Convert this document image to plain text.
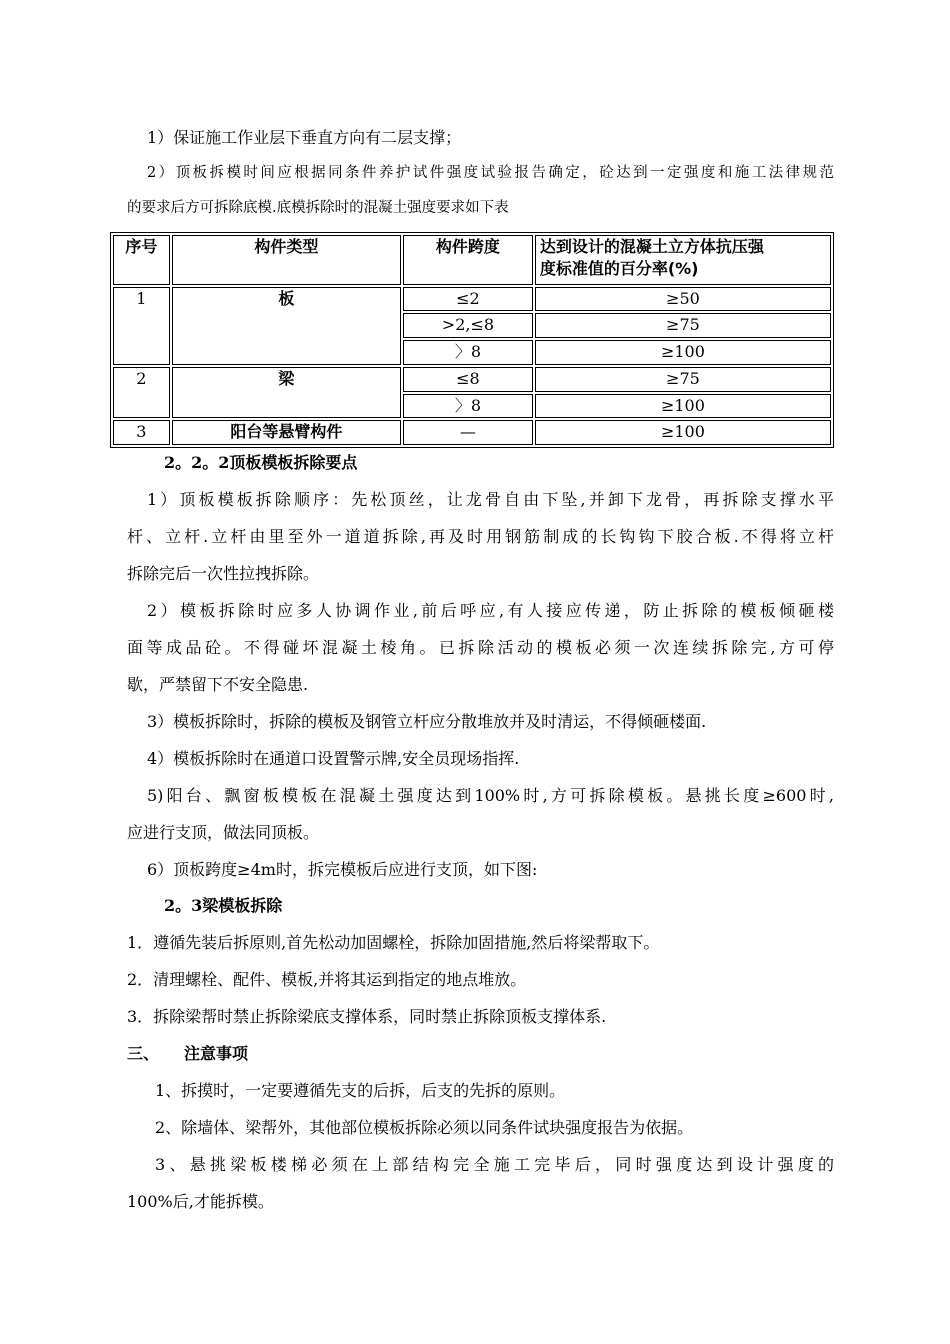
1）保证施工作业层下垂直方向有二层支撑；
2）顶板拆模时间应根据同条件养护试件强度试验报告确定，砼达到一定强度和施工法律规范
的要求后方可拆除底模.底模拆除时的混凝土强度要求如下表
序号	构件类型	构件跨度	达到设计的混凝土立方体抗压强
度标准值的百分率(%)

1	板	≤2	≥50
		>2,≤8	≥75
		〉8	≥100
2	梁	≤8	≥75
		〉8	≥100
3	阳台等悬臂构件	—	≥100
2。2。2顶板模板拆除要点
1）顶板模板拆除顺序：先松顶丝，让龙骨自由下坠,并卸下龙骨，再拆除支撑水平
杆、立杆.立杆由里至外一道道拆除,再及时用钢筋制成的长钩钩下胶合板.不得将立杆
拆除完后一次性拉拽拆除。
2）模板拆除时应多人协调作业,前后呼应,有人接应传递，防止拆除的模板倾砸楼
面等成品砼。不得碰坏混凝土棱角。已拆除活动的模板必须一次连续拆除完,方可停
歇，严禁留下不安全隐患.
3）模板拆除时，拆除的模板及钢管立杆应分散堆放并及时清运，不得倾砸楼面.
4）模板拆除时在通道口设置警示牌,安全员现场指挥.
5)阳台、飘窗板模板在混凝土强度达到100%时,方可拆除模板。悬挑长度≥600时,
应进行支顶，做法同顶板。
6）顶板跨度≥4m时，拆完模板后应进行支顶，如下图:
2。3梁模板拆除
1．遵循先装后拆原则,首先松动加固螺栓，拆除加固措施,然后将梁帮取下。
2．清理螺栓、配件、模板,并将其运到指定的地点堆放。
3．拆除梁帮时禁止拆除梁底支撑体系，同时禁止拆除顶板支撑体系.
三、 注意事项
1、拆摸时，一定要遵循先支的后拆，后支的先拆的原则。
2、除墙体、梁帮外，其他部位模板拆除必须以同条件试块强度报告为依据。
3、悬挑梁板楼梯必须在上部结构完全施工完毕后，同时强度达到设计强度的
100%后,才能拆模。
